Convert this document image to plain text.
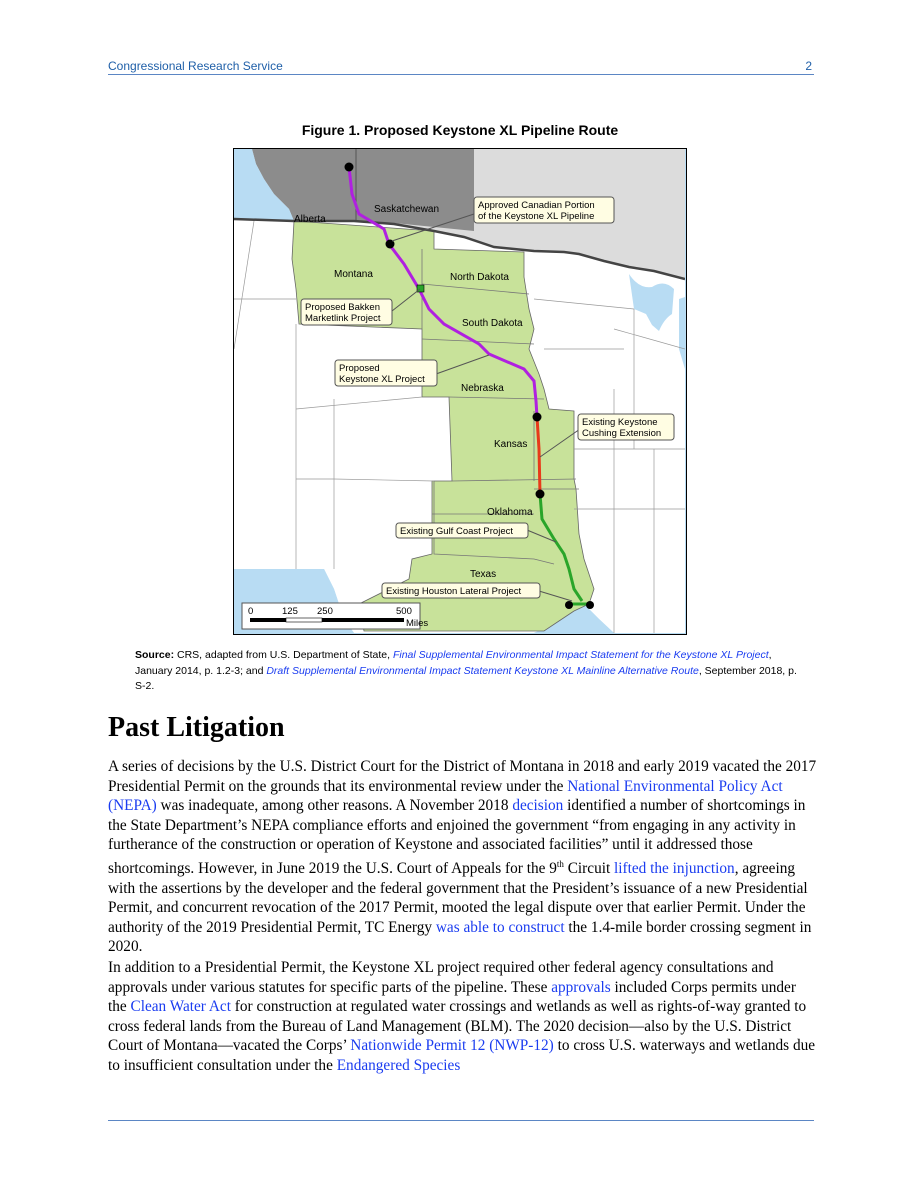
Congressional Research Service	2
Figure 1. Proposed Keystone XL Pipeline Route
Saskatchewan
Alberta
Montana	North Dakota
South Dakota
Nebraska
Kansas
Oklahoma
Texas
Approved Canadian Portion
of the Keystone XL Pipeline
Proposed Bakken
Marketlink Project
Proposed
Keystone XL Project
Existing Keystone
Cushing Extension
Existing Gulf Coast Project
Existing Houston Lateral Project
0	125 250	500
Miles
Source: CRS, adapted from U.S. Department of State, Final Supplemental Environmental Impact Statement for the Keystone XL Project, January 2014, p. 1.2-3; and Draft Supplemental Environmental Impact Statement Keystone XL Mainline Alternative Route, September 2018, p. S-2.
Past Litigation

A series of decisions by the U.S. District Court for the District of Montana in 2018 and early 2019 vacated the 2017 Presidential Permit on the grounds that its environmental review under the National Environmental Policy Act (NEPA) was inadequate, among other reasons. A November 2018 decision identified a number of shortcomings in the State Department’s NEPA compliance efforts and enjoined the government “from engaging in any activity in furtherance of the construction or operation of Keystone and associated facilities” until it addressed those shortcomings. However, in June 2019 the U.S. Court of Appeals for the 9th Circuit lifted the injunction, agreeing with the assertions by the developer and the federal government that the President’s issuance of a new Presidential Permit, and concurrent revocation of the 2017 Permit, mooted the legal dispute over that earlier Permit. Under the authority of the 2019 Presidential Permit, TC Energy was able to construct the 1.4-mile border crossing segment in 2020.

In addition to a Presidential Permit, the Keystone XL project required other federal agency consultations and approvals under various statutes for specific parts of the pipeline. These approvals included Corps permits under the Clean Water Act for construction at regulated water crossings and wetlands as well as rights-of-way granted to cross federal lands from the Bureau of Land Management (BLM). The 2020 decision—also by the U.S. District Court of Montana—vacated the Corps’ Nationwide Permit 12 (NWP-12) to cross U.S. waterways and wetlands due to insufficient consultation under the Endangered Species
